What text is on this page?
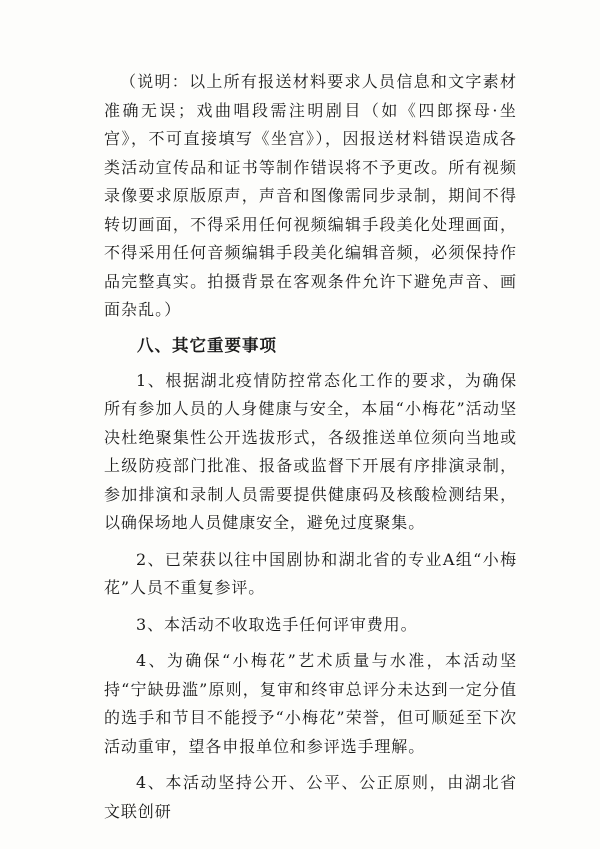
（说明：以上所有报送材料要求人员信息和文字素材准确无误；戏曲唱段需注明剧目（如《四郎探母·坐宫》，不可直接填写《坐宫》），因报送材料错误造成各类活动宣传品和证书等制作错误将不予更改。所有视频录像要求原版原声，声音和图像需同步录制，期间不得转切画面，不得采用任何视频编辑手段美化处理画面，不得采用任何音频编辑手段美化编辑音频，必须保持作品完整真实。拍摄背景在客观条件允许下避免声音、画面杂乱。）

八、其它重要事项

1、根据湖北疫情防控常态化工作的要求，为确保所有参加人员的人身健康与安全，本届“小梅花”活动坚决杜绝聚集性公开选拔形式，各级推送单位须向当地或上级防疫部门批准、报备或监督下开展有序排演录制，参加排演和录制人员需要提供健康码及核酸检测结果，以确保场地人员健康安全，避免过度聚集。

2、已荣获以往中国剧协和湖北省的专业A组“小梅花”人员不重复参评。

3、本活动不收取选手任何评审费用。

4、为确保“小梅花”艺术质量与水准，本活动坚持“宁缺毋滥”原则，复审和终审总评分未达到一定分值的选手和节目不能授予“小梅花”荣誉，但可顺延至下次活动重审，望各申报单位和参评选手理解。

4、本活动坚持公开、公平、公正原则，由湖北省文联创研
